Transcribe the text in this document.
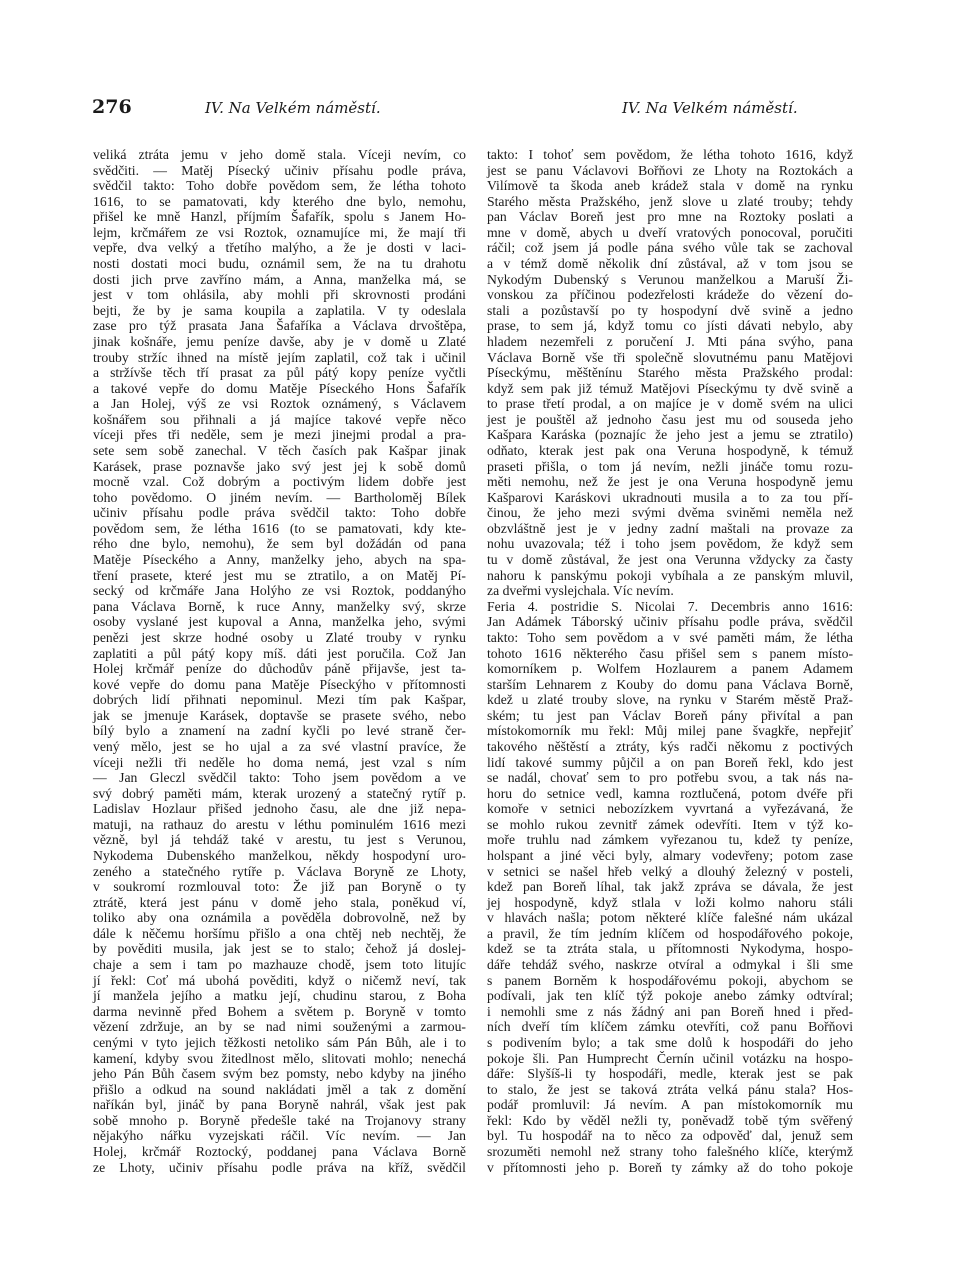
276	IV. Na Velkém náměstí.	IV. Na Velkém náměstí.
veliká ztráta jemu v jeho domě stala. Víceji nevím, co
svědčiti. — Matěj Písecký učiniv přísahu podle práva,
svědčil takto: Toho dobře povědom sem, že létha tohoto
1616, to se pamatovati, kdy kterého dne bylo, nemohu,
přišel ke mně Hanzl, příjmím Šafařík, spolu s Janem Ho-
lejm, krčmářem ze vsi Roztok, oznamujíce mi, že mají tři
vepře, dva velký a třetího malýho, a že je dosti v laci-
nosti dostati moci budu, oznámil sem, že na tu drahotu
dosti jich prve zavříno mám, a Anna, manželka má, se
jest v tom ohlásila, aby mohli při skrovnosti prodáni
bejti, že by je sama koupila a zaplatila. V ty odeslala
zase pro týž prasata Jana Šafaříka a Václava drvoštěpa,
jinak košnáře, jemu peníze davše, aby je v domě u Zlaté
trouby stržíc ihned na místě jejím zaplatil, což tak i učinil
a stržívše těch tří prasat za půl pátý kopy peníze vyčtli
a takové vepře do domu Matěje Píseckého Hons Šafařík
a Jan Holej, výš ze vsi Roztok oznámený, s Václavem
košnářem sou přihnali a já majíce takové vepře něco
víceji přes tři neděle, sem je mezi jinejmi prodal a pra-
sete sem sobě zanechal. V těch časích pak Kašpar jinak
Karásek, prase poznavše jako svý jest jej k sobě domů
mocně vzal. Což dobrým a poctivým lidem dobře jest
toho povědomo. O jiném nevím. — Bartholoměj Bílek
učiniv přísahu podle práva svědčil takto: Toho dobře
povědom sem, že létha 1616 (to se pamatovati, kdy kte-
rého dne bylo, nemohu), že sem byl dožádán od pana
Matěje Píseckého a Anny, manželky jeho, abych na spa-
tření prasete, které jest mu se ztratilo, a on Matěj Pí-
secký od krčmáře Jana Holýho ze vsi Roztok, poddanýho
pana Václava Borně, k ruce Anny, manželky svý, skrze
osoby vyslané jest kupoval a Anna, manželka jeho, svými
penězi jest skrze hodné osoby u Zlaté trouby v rynku
zaplatiti a půl pátý kopy míš. dáti jest poručila. Což Jan
Holej krčmář peníze do důchodův páně přijavše, jest ta-
kové vepře do domu pana Matěje Píseckýho v přítomnosti
dobrých lidí přihnati nepominul. Mezi tím pak Kašpar,
jak se jmenuje Karásek, doptavše se prasete svého, nebo
bílý bylo a znamení na zadní kyčli po levé straně čer-
vený mělo, jest se ho ujal a za své vlastní pravíce, že
víceji nežli tři neděle ho doma nemá, jest vzal s ním
— Jan Gleczl svědčil takto: Toho jsem povědom a ve
svý dobrý paměti mám, kterak urozený a statečný rytíř p.
Ladislav Hozlaur přišed jednoho času, ale dne již nepa-
matuji, na rathauz do arestu v léthu pominulém 1616 mezi
vězně, byl já tehdáž také v arestu, tu jest s Verunou,
Nykodema Dubenského manželkou, někdy hospodyní uro-
zeného a statečného rytíře p. Václava Boryně ze Lhoty,
v soukromí rozmlouval toto: Že již pan Boryně o ty
ztrátě, která jest pánu v domě jeho stala, poněkud ví,
toliko aby ona oznámila a pověděla dobrovolně, než by
dále k něčemu horšímu přišlo a ona chtěj neb nechtěj, že
by pověditi musila, jak jest se to stalo; čehož já doslej-
chaje a sem i tam po mazhauze chodě, jsem toto litujíc
jí řekl: Coť má ubohá pověditi, když o ničemž neví, tak
jí manžela jejího a matku její, chudinu starou, z Boha
darma nevinně před Bohem a světem p. Boryně v tomto
vězení zdržuje, an by se nad nimi souženými a zarmou-
cenými v tyto jejich těžkosti netoliko sám Pán Bůh, ale i to
kamení, kdyby svou žitedlnost mělo, slitovati mohlo; nenechá
jeho Pán Bůh časem svým bez pomsty, nebo kdyby na jiného
přišlo a odkud na sound nakládati jměl a tak z domění
naříkán byl, jináč by pana Boryně nahrál, však jest pak
sobě mnoho p. Boryně předešle také na Trojanovy strany
nějakýho nářku vyzejskati ráčil. Víc nevím. — Jan
Holej, krčmář Roztocký, poddanej pana Václava Borně
ze Lhoty, učiniv přísahu podle práva na kříž, svědčil
takto: I tohoť sem povědom, že létha tohoto 1616, když
jest se panu Václavovi Bořňovi ze Lhoty na Roztokách a
Vilímově ta škoda aneb krádež stala v domě na rynku
Starého města Pražského, jenž slove u zlaté trouby; tehdy
pan Václav Boreň jest pro mne na Roztoky poslati a
mne v domě, abych u dveří vratových ponocoval, poručiti
ráčil; což jsem já podle pána svého vůle tak se zachoval
a v témž domě několik dní zůstával, až v tom jsou se
Nykodým Dubenský s Verunou manželkou a Maruší Ži-
vonskou za příčinou podezřelosti krádeže do vězení do-
stali a pozůstavší po ty hospodyní dvě svině a jedno
prase, to sem já, když tomu co jísti dávati nebylo, aby
hladem nezemřeli z poručení J. Mti pána svýho, pana
Václava Borně vše tři společně slovutnému panu Matějovi
Píseckýmu, měštěnínu Starého města Pražského prodal:
když sem pak již témuž Matějovi Píseckýmu ty dvě svině a
to prase třetí prodal, a on majíce je v domě svém na ulici
jest je pouštěl až jednoho času jest mu od souseda jeho
Kašpara Karáska (poznajíc že jeho jest a jemu se ztratilo)
odňato, kterak jest pak ona Veruna hospodyně, k témuž
praseti přišla, o tom já nevím, nežli jináče tomu rozu-
měti nemohu, než že jest je ona Veruna hospodyně jemu
Kašparovi Karáskovi ukradnouti musila a to za tou pří-
činou, že jeho mezi svými dvěma sviněmi neměla než
obzvláštně jest je v jedny zadní maštali na provaze za
nohu uvazovala; též i toho jsem povědom, že když sem
tu v domě zůstával, že jest ona Verunna vždycky za časty
nahoru k panskýmu pokoji vybíhala a ze panským mluvil,
za dveřmi vyslejchala. Víc nevím.
Feria 4. postridie S. Nicolai 7. Decembris anno 1616:
Jan Adámek Táborský učiniv přísahu podle práva, svědčil
takto: Toho sem povědom a v své paměti mám, že létha
tohoto 1616 některého času přišel sem s panem místo-
komorníkem p. Wolfem Hozlaurem a panem Adamem
starším Lehnarem z Kouby do domu pana Václava Borně,
kdež u zlaté trouby slove, na rynku v Starém městě Praž-
ském; tu jest pan Václav Boreň pány přivítal a pan
místokomorník mu řekl: Můj milej pane švagkře, nepřejiť
takového něštěstí a ztráty, kýs radči někomu z poctivých
lidí takové summy půjčil a on pan Boreň řekl, kdo jest
se nadál, chovať sem to pro potřebu svou, a tak nás na-
horu do setnice vedl, kamna roztlučená, potom dvéře při
komoře v setnici nebozízkem vyvrtaná a vyřezávaná, že
se mohlo rukou zevnitř zámek odevříti. Item v týž ko-
moře truhlu nad zámkem vyřezanou tu, kdež ty peníze,
holspant a jiné věci byly, almary vodevřeny; potom zase
v setnici se našel hřeb velký a dlouhý železný v posteli,
kdež pan Boreň líhal, tak jakž zpráva se dávala, že jest
jej hospodyně, když stlala v loži kolmo nahoru stáli
v hlavách našla; potom některé klíče falešné nám ukázal
a pravil, že tím jedním klíčem od hospodářového pokoje,
kdež se ta ztráta stala, u přítomnosti Nykodyma, hospo-
dáře tehdáž svého, naskrze otvíral a odmykal i šli sme
s panem Borněm k hospodářovému pokoji, abychom se
podívali, jak ten klíč týž pokoje anebo zámky odtvíral;
i nemohli sme z nás žádný ani pan Boreň hned i před-
ních dveří tím klíčem zámku otevříti, což panu Bořňovi
s podivením bylo; a tak sme dolů k hospodáři do jeho
pokoje šli. Pan Humprecht Černín učinil votázku na hospo-
dáře: Slyšíš-li ty hospodáři, medle, kterak jest se pak
to stalo, že jest se taková ztráta velká pánu stala? Hos-
podář promluvil: Já nevím. A pan místokomorník mu
řekl: Kdo by věděl nežli ty, poněvadž tobě tým svěřený
byl. Tu hospodář na to něco za odpověď dal, jenuž sem
srozuměti nemohl než strany toho falešného klíče, kterýmž
v přítomnosti jeho p. Boreň ty zámky až do toho pokoje
